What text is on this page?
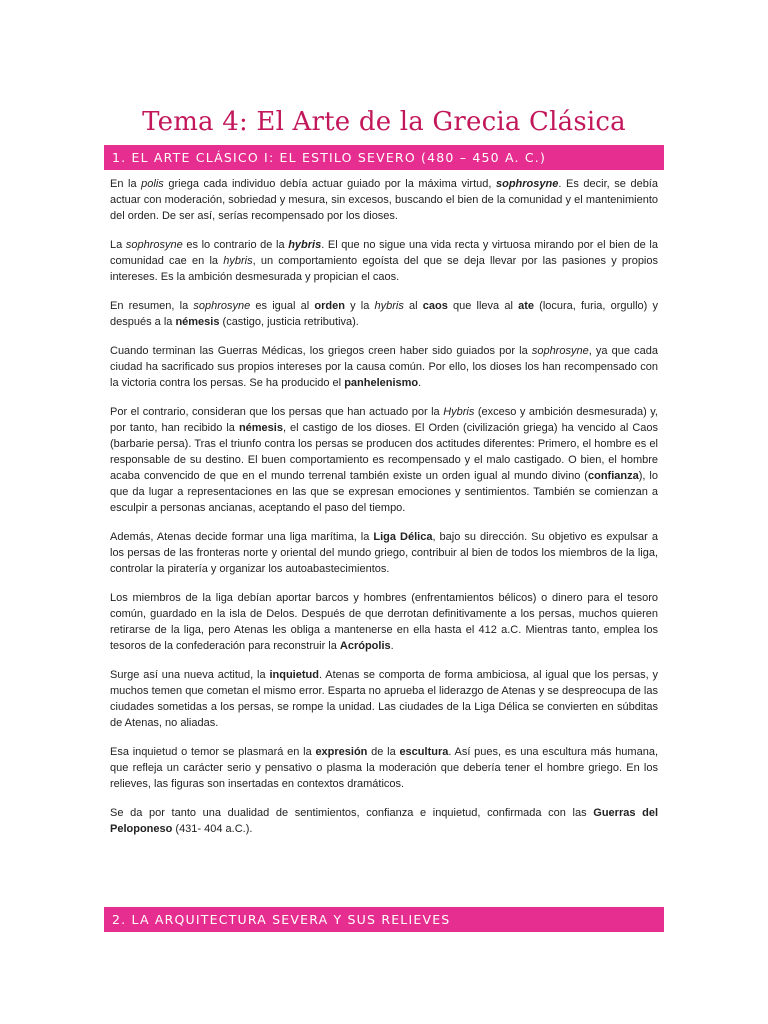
Tema 4: El Arte de la Grecia Clásica
1. EL ARTE CLÁSICO I: EL ESTILO SEVERO (480 – 450 A. C.)

En la polis griega cada individuo debía actuar guiado por la máxima virtud, sophrosyne. Es decir, se debía actuar con moderación, sobriedad y mesura, sin excesos, buscando el bien de la comunidad y el mantenimiento del orden. De ser así, serías recompensado por los dioses.

La sophrosyne es lo contrario de la hybris. El que no sigue una vida recta y virtuosa mirando por el bien de la comunidad cae en la hybris, un comportamiento egoísta del que se deja llevar por las pasiones y propios intereses. Es la ambición desmesurada y propician el caos.

En resumen, la sophrosyne es igual al orden y la hybris al caos que lleva al ate (locura, furia, orgullo) y después a la némesis (castigo, justicia retributiva).

Cuando terminan las Guerras Médicas, los griegos creen haber sido guiados por la sophrosyne, ya que cada ciudad ha sacrificado sus propios intereses por la causa común. Por ello, los dioses los han recompensado con la victoria contra los persas. Se ha producido el panhelenismo.

Por el contrario, consideran que los persas que han actuado por la Hybris (exceso y ambición desmesurada) y, por tanto, han recibido la némesis, el castigo de los dioses. El Orden (civilización griega) ha vencido al Caos (barbarie persa). Tras el triunfo contra los persas se producen dos actitudes diferentes: Primero, el hombre es el responsable de su destino. El buen comportamiento es recompensado y el malo castigado. O bien, el hombre acaba convencido de que en el mundo terrenal también existe un orden igual al mundo divino (confianza), lo que da lugar a representaciones en las que se expresan emociones y sentimientos. También se comienzan a esculpir a personas ancianas, aceptando el paso del tiempo.

Además, Atenas decide formar una liga marítima, la Liga Délica, bajo su dirección. Su objetivo es expulsar a los persas de las fronteras norte y oriental del mundo griego, contribuir al bien de todos los miembros de la liga, controlar la piratería y organizar los autoabastecimientos.

Los miembros de la liga debían aportar barcos y hombres (enfrentamientos bélicos) o dinero para el tesoro común, guardado en la isla de Delos. Después de que derrotan definitivamente a los persas, muchos quieren retirarse de la liga, pero Atenas les obliga a mantenerse en ella hasta el 412 a.C. Mientras tanto, emplea los tesoros de la confederación para reconstruir la Acrópolis.

Surge así una nueva actitud, la inquietud. Atenas se comporta de forma ambiciosa, al igual que los persas, y muchos temen que cometan el mismo error. Esparta no aprueba el liderazgo de Atenas y se despreocupa de las ciudades sometidas a los persas, se rompe la unidad. Las ciudades de la Liga Délica se convierten en súbditas de Atenas, no aliadas.

Esa inquietud o temor se plasmará en la expresión de la escultura. Así pues, es una escultura más humana, que refleja un carácter serio y pensativo o plasma la moderación que debería tener el hombre griego. En los relieves, las figuras son insertadas en contextos dramáticos.

Se da por tanto una dualidad de sentimientos, confianza e inquietud, confirmada con las Guerras del Peloponeso (431- 404 a.C.).

2. LA ARQUITECTURA SEVERA Y SUS RELIEVES
